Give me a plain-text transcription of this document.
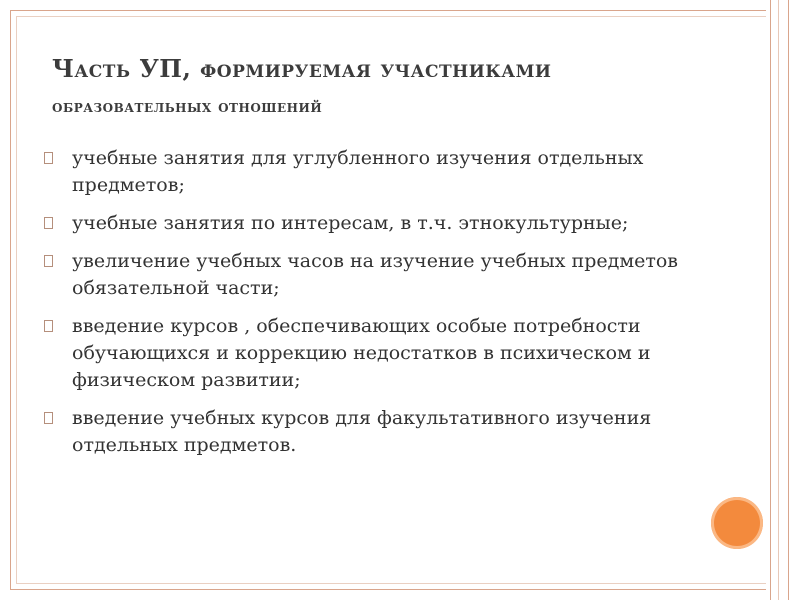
Часть УП, формируемая участниками
образовательных отношений
учебные занятия для углубленного изучения отдельных предметов;
учебные занятия по интересам, в т.ч. этнокультурные;
увеличение учебных часов на изучение учебных предметов обязательной части;
введение курсов , обеспечивающих особые потребности обучающихся и коррекцию недостатков в психическом и физическом развитии;
введение учебных курсов для факультативного изучения отдельных предметов.
